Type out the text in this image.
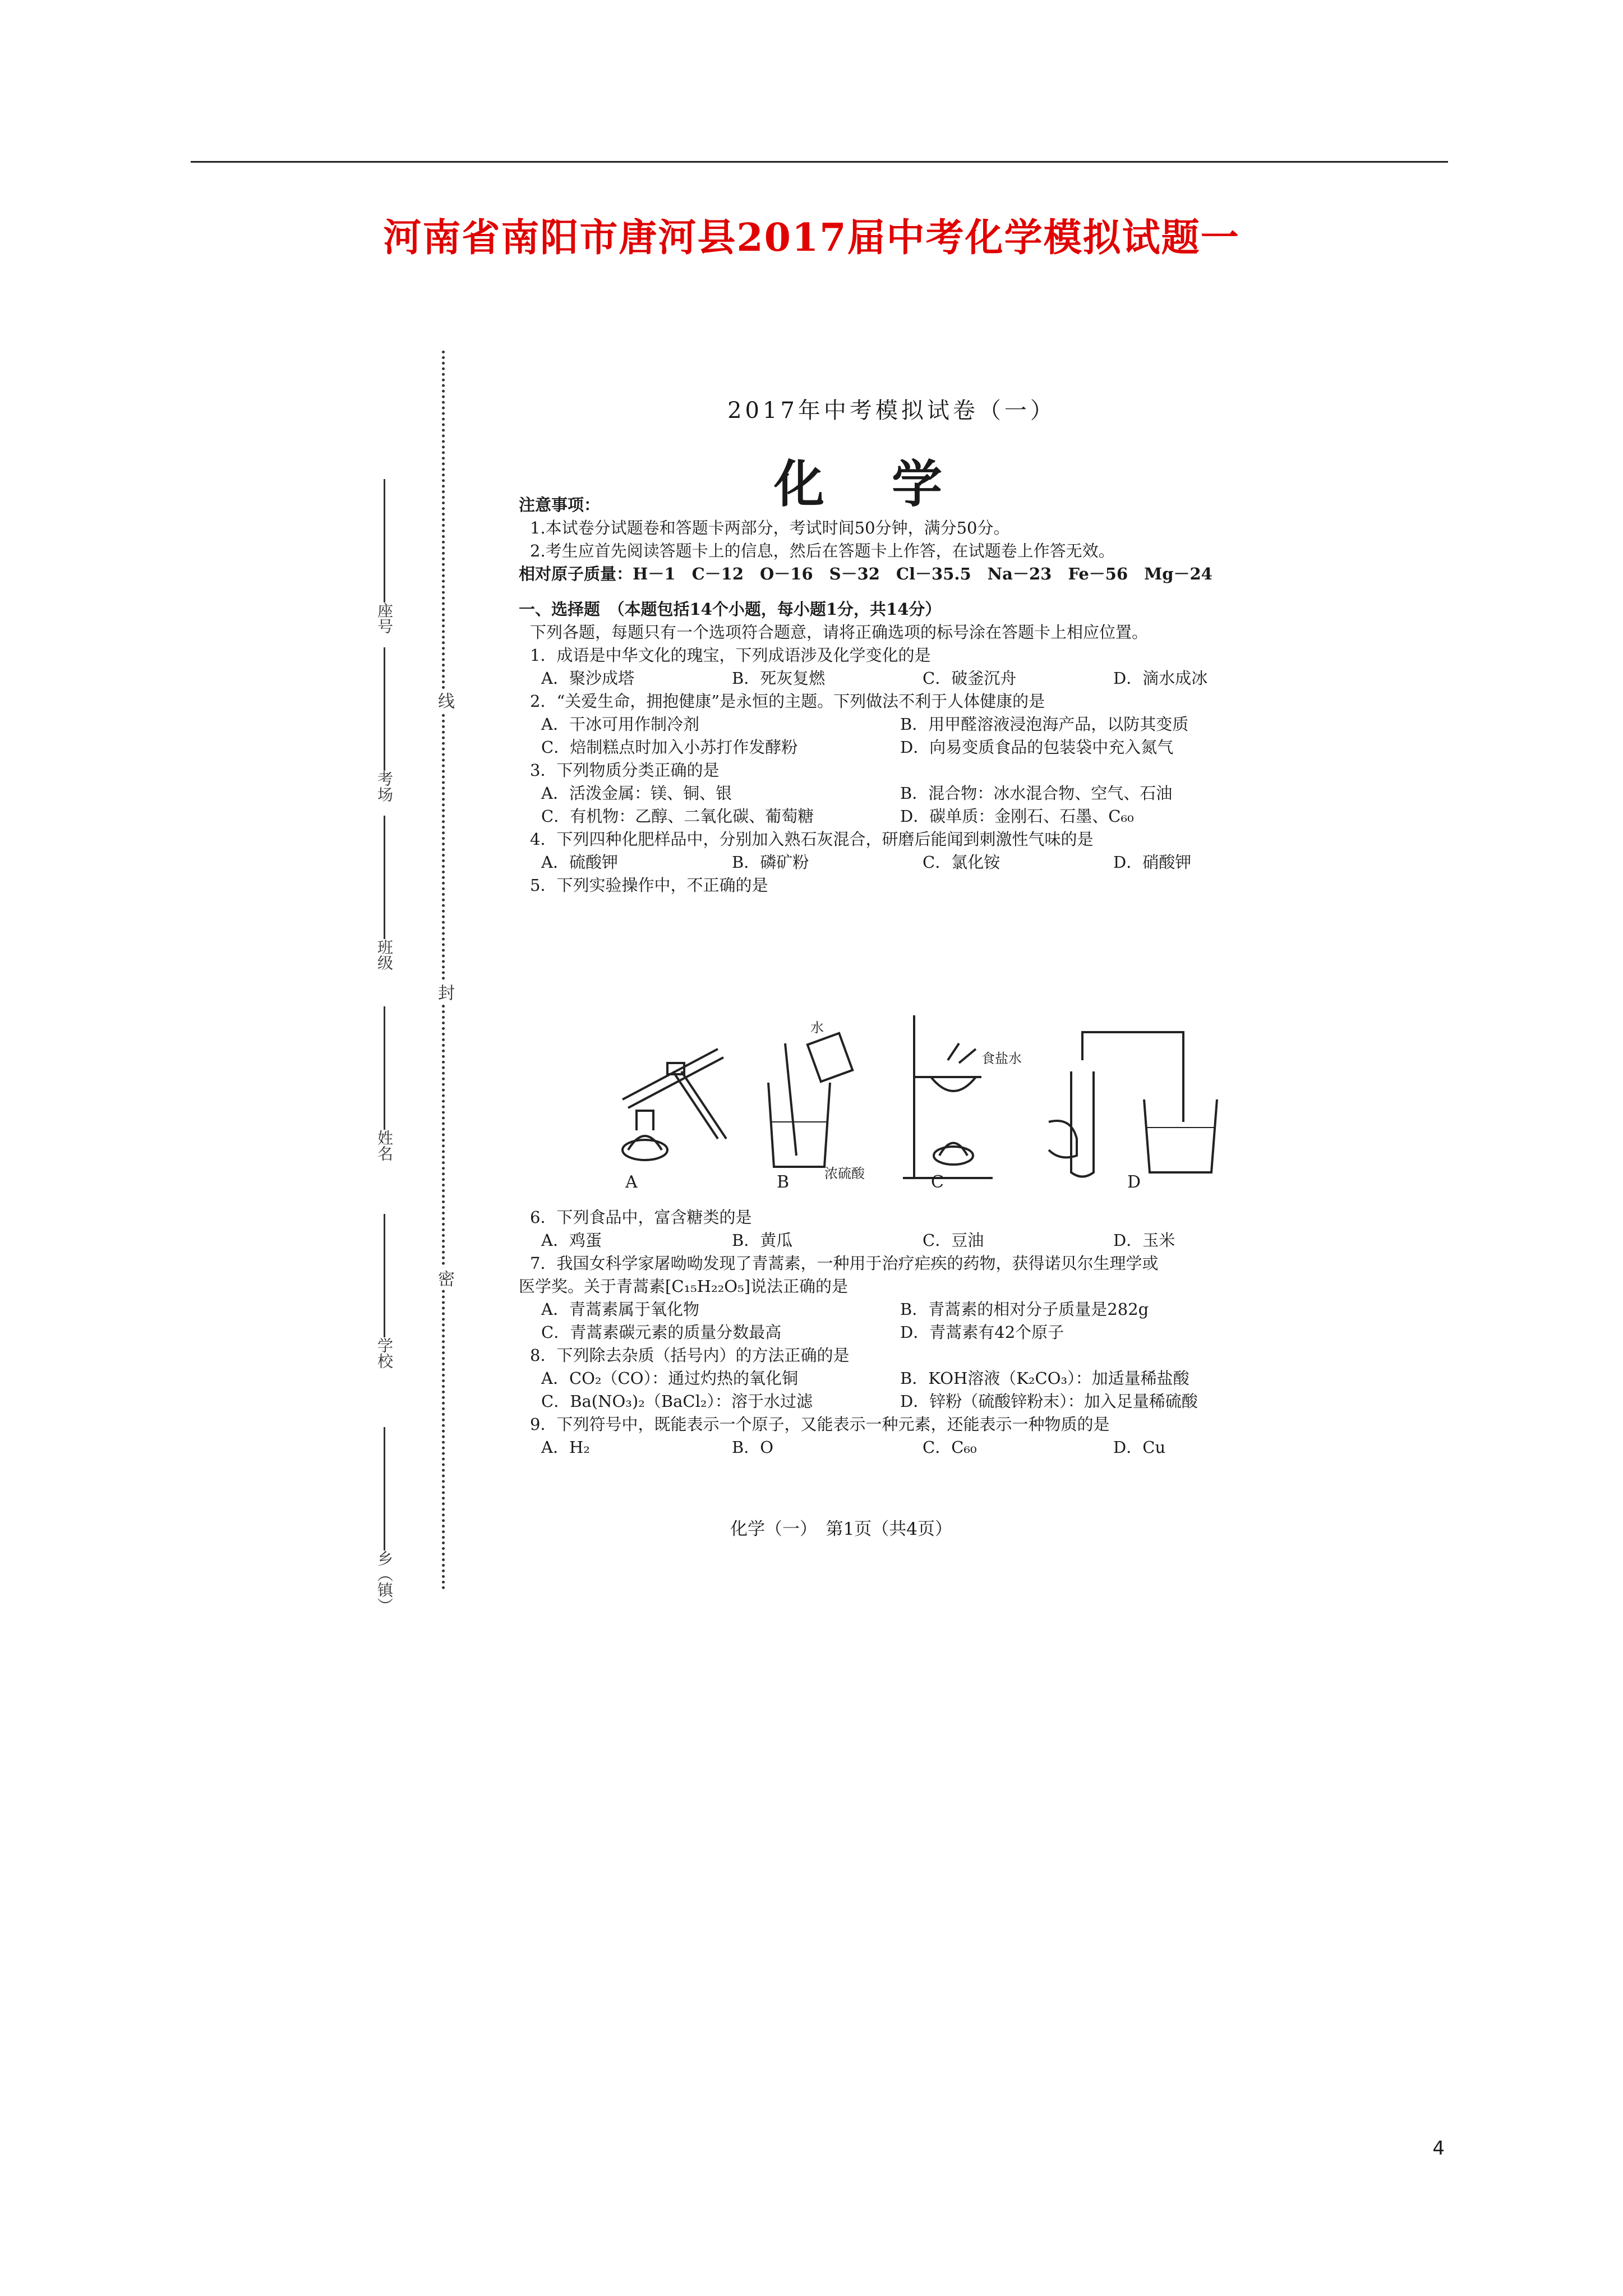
河南省南阳市唐河县2017届中考化学模拟试题一
线
封
密
座号
考场
班级
姓名
学校
乡（镇）
2017年中考模拟试卷（一）
化学
注意事项：
1.本试卷分试题卷和答题卡两部分，考试时间50分钟，满分50分。
2.考生应首先阅读答题卡上的信息，然后在答题卡上作答，在试题卷上作答无效。
相对原子质量：H－1　C－12　O－16　S－32　Cl－35.5　Na－23　Fe－56　Mg－24
一、选择题　（本题包括14个小题，每小题1分，共14分）
下列各题，每题只有一个选项符合题意，请将正确选项的标号涂在答题卡上相应位置。
1．成语是中华文化的瑰宝，下列成语涉及化学变化的是
A．聚沙成塔	B．死灰复燃	C．破釜沉舟	D．滴水成冰
2．“关爱生命，拥抱健康”是永恒的主题。下列做法不利于人体健康的是
A．干冰可用作制冷剂	B．用甲醛溶液浸泡海产品，以防其变质
C．焙制糕点时加入小苏打作发酵粉	D．向易变质食品的包装袋中充入氮气
3．下列物质分类正确的是
A．活泼金属：镁、铜、银	B．混合物：冰水混合物、空气、石油
C．有机物：乙醇、二氧化碳、葡萄糖	D．碳单质：金刚石、石墨、C₆₀
4．下列四种化肥样品中，分别加入熟石灰混合，研磨后能闻到刺激性气味的是
A．硫酸钾	B．磷矿粉	C．氯化铵	D．硝酸钾
5．下列实验操作中，不正确的是
水
浓硫酸
食盐水
A	B	C	D
6．下列食品中，富含糖类的是
A．鸡蛋	B．黄瓜	C．豆油	D．玉米
7．我国女科学家屠呦呦发现了青蒿素，一种用于治疗疟疾的药物，获得诺贝尔生理学或
医学奖。关于青蒿素[C₁₅H₂₂O₅]说法正确的是
A．青蒿素属于氧化物	B．青蒿素的相对分子质量是282g
C．青蒿素碳元素的质量分数最高	D．青蒿素有42个原子
8．下列除去杂质（括号内）的方法正确的是
A．CO₂（CO）：通过灼热的氧化铜	B．KOH溶液（K₂CO₃）：加适量稀盐酸
C．Ba(NO₃)₂（BaCl₂）：溶于水过滤	D．锌粉（硫酸锌粉末）：加入足量稀硫酸
9．下列符号中，既能表示一个原子，又能表示一种元素，还能表示一种物质的是
A．H₂	B．O	C．C₆₀	D．Cu
化学（一）　第1页（共4页）
4
